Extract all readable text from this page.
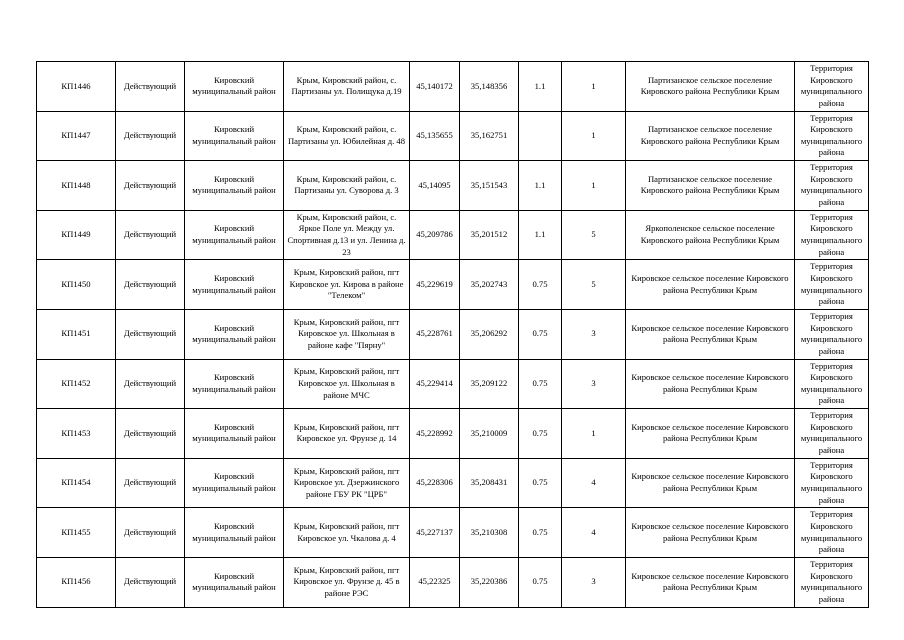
КП1446	Действующий	Кировский муниципальный район	Крым, Кировский район, с. Партизаны ул. Полищука д.19	45,140172	35,148356	1.1	1	Партизанское сельское поселение Кировского района Республики Крым	Территория Кировского муниципального района
КП1447	Действующий	Кировский муниципальный район	Крым, Кировский район, с. Партизаны ул. Юбилейная д. 48	45,135655	35,162751		1	Партизанское сельское поселение Кировского района Республики Крым	Территория Кировского муниципального района
КП1448	Действующий	Кировский муниципальный район	Крым, Кировский район, с. Партизаны ул. Суворова д. 3	45,14095	35,151543	1.1	1	Партизанское сельское поселение Кировского района Республики Крым	Территория Кировского муниципального района
КП1449	Действующий	Кировский муниципальный район	Крым, Кировский район, с. Яркое Поле ул. Между ул. Спортивная д.13 и ул. Ленина д. 23	45,209786	35,201512	1.1	5	Яркополенское сельское поселение Кировского района Республики Крым	Территория Кировского муниципального района
КП1450	Действующий	Кировский муниципальный район	Крым, Кировский район, пгт Кировское ул. Кирова в районе "Телеком"	45,229619	35,202743	0.75	5	Кировское сельское поселение Кировского района Республики Крым	Территория Кировского муниципального района
КП1451	Действующий	Кировский муниципальный район	Крым, Кировский район, пгт Кировское ул. Школьная в районе кафе "Пярну"	45,228761	35,206292	0.75	3	Кировское сельское поселение Кировского района Республики Крым	Территория Кировского муниципального района
КП1452	Действующий	Кировский муниципальный район	Крым, Кировский район, пгт Кировское ул. Школьная в районе МЧС	45,229414	35,209122	0.75	3	Кировское сельское поселение Кировского района Республики Крым	Территория Кировского муниципального района
КП1453	Действующий	Кировский муниципальный район	Крым, Кировский район, пгт Кировское ул. Фрунзе д. 14	45,228992	35,210009	0.75	1	Кировское сельское поселение Кировского района Республики Крым	Территория Кировского муниципального района
КП1454	Действующий	Кировский муниципальный район	Крым, Кировский район, пгт Кировское ул. Дзержинского районе ГБУ РК "ЦРБ"	45,228306	35,208431	0.75	4	Кировское сельское поселение Кировского района Республики Крым	Территория Кировского муниципального района
КП1455	Действующий	Кировский муниципальный район	Крым, Кировский район, пгт Кировское ул. Чкалова д. 4	45,227137	35,210308	0.75	4	Кировское сельское поселение Кировского района Республики Крым	Территория Кировского муниципального района
КП1456	Действующий	Кировский муниципальный район	Крым, Кировский район, пгт Кировское ул. Фрунзе д. 45 в районе РЭС	45,22325	35,220386	0.75	3	Кировское сельское поселение Кировского района Республики Крым	Территория Кировского муниципального района
